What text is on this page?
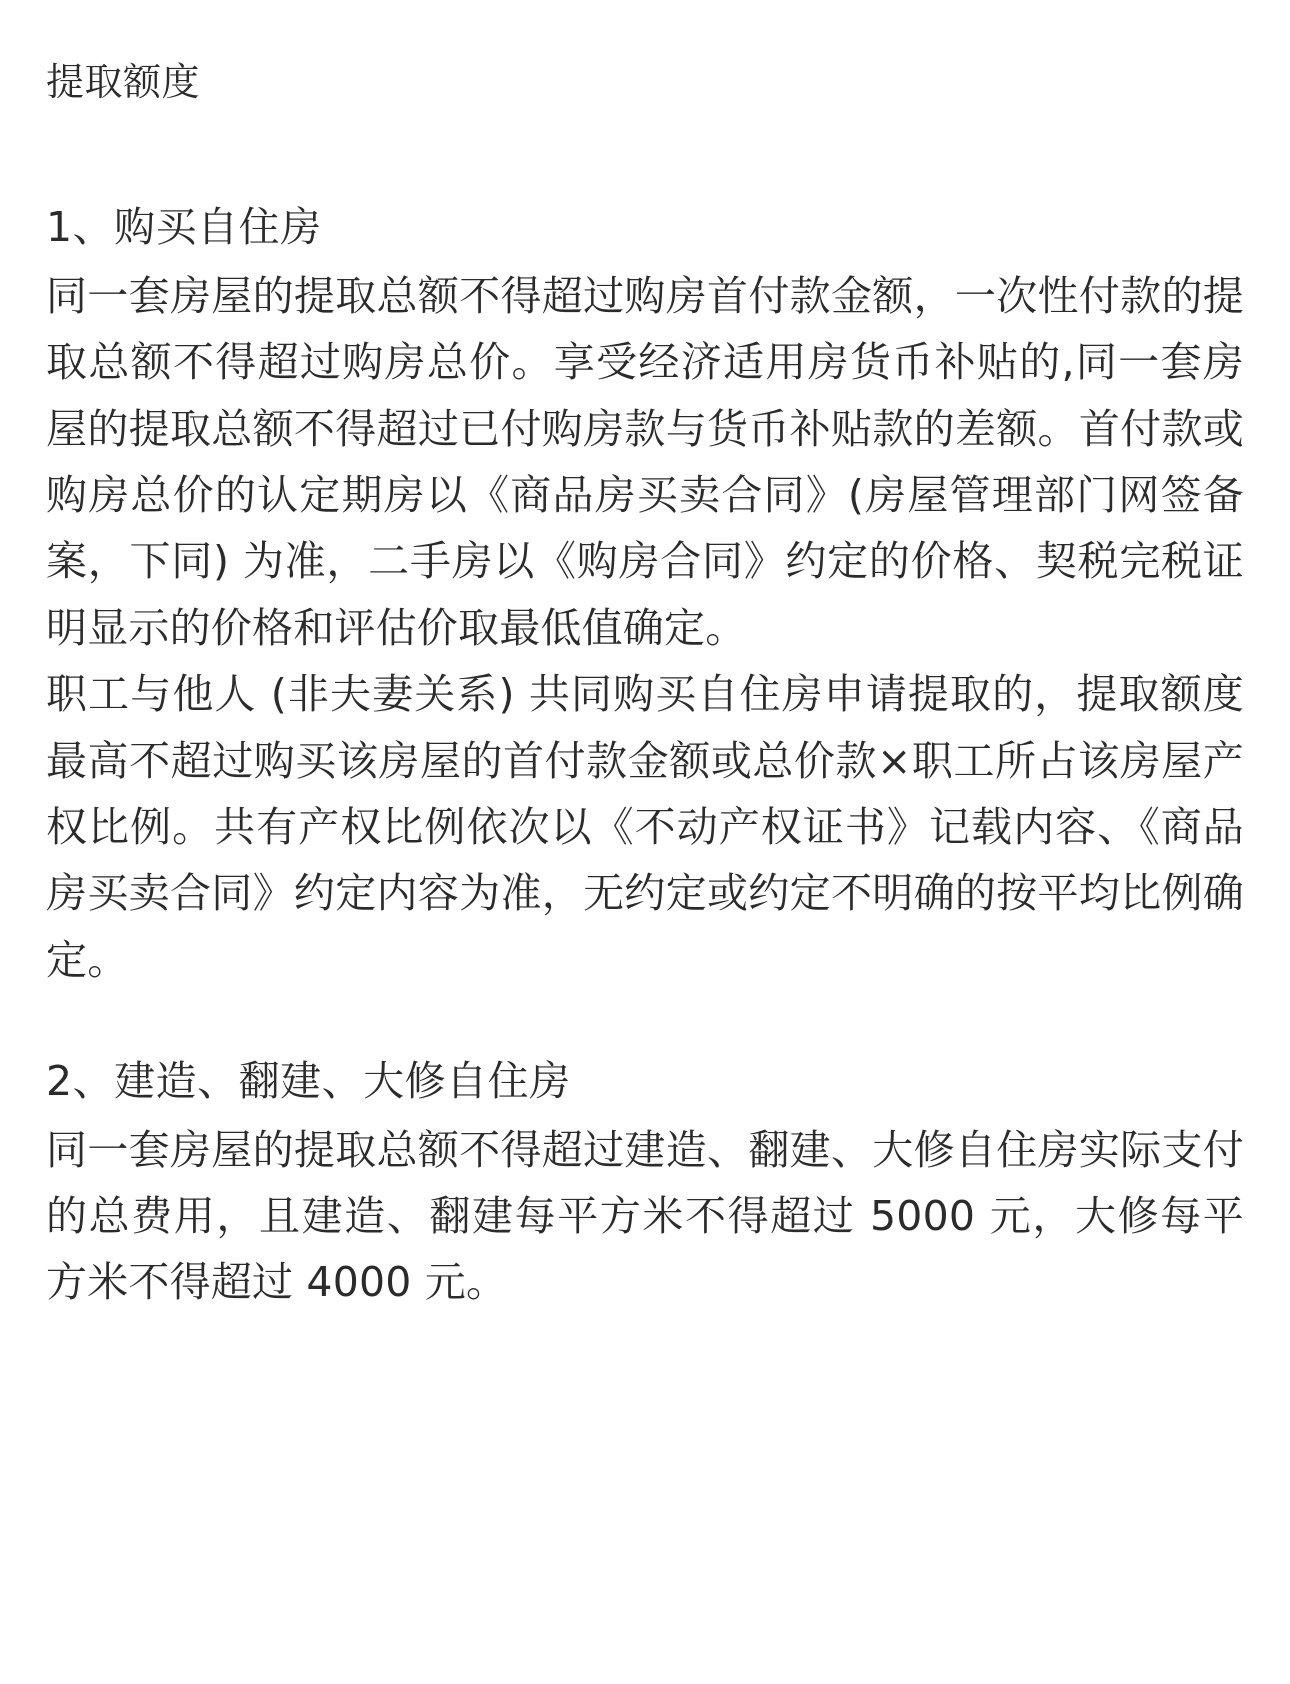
提取额度
1、购买自住房

同一套房屋的提取总额不得超过购房首付款金额，一次性付款的提取总额不得超过购房总价。享受经济适用房货币补贴的,同一套房屋的提取总额不得超过已付购房款与货币补贴款的差额。首付款或购房总价的认定期房以《商品房买卖合同》(房屋管理部门网签备案，下同) 为准，二手房以《购房合同》约定的价格、契税完税证明显示的价格和评估价取最低值确定。

职工与他人 (非夫妻关系) 共同购买自住房申请提取的，提取额度最高不超过购买该房屋的首付款金额或总价款×职工所占该房屋产权比例。共有产权比例依次以《不动产权证书》记载内容、《商品房买卖合同》约定内容为准，无约定或约定不明确的按平均比例确定。

2、建造、翻建、大修自住房

同一套房屋的提取总额不得超过建造、翻建、大修自住房实际支付的总费用，且建造、翻建每平方米不得超过 5000 元，大修每平方米不得超过 4000 元。
